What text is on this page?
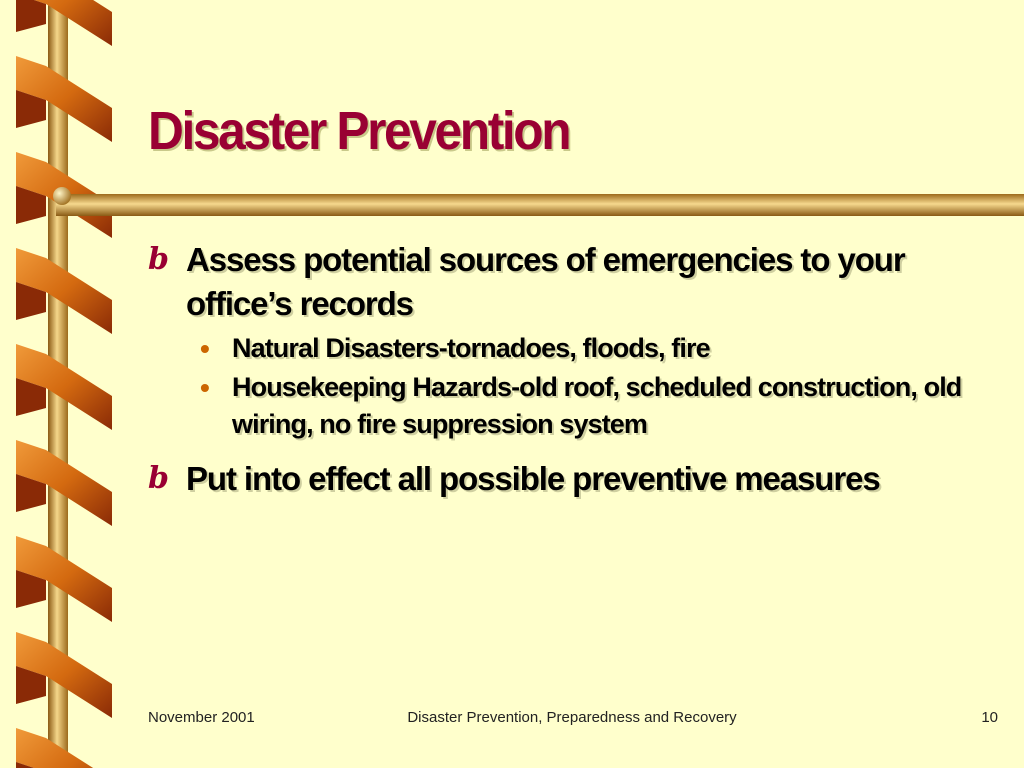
Disaster Prevention
b Assess potential sources of emergencies to your office’s records
• Natural Disasters-tornadoes, floods, fire
• Housekeeping Hazards-old roof, scheduled construction, old wiring, no fire suppression system
b Put into effect all possible preventive measures
November 2001	Disaster Prevention, Preparedness and Recovery	10
